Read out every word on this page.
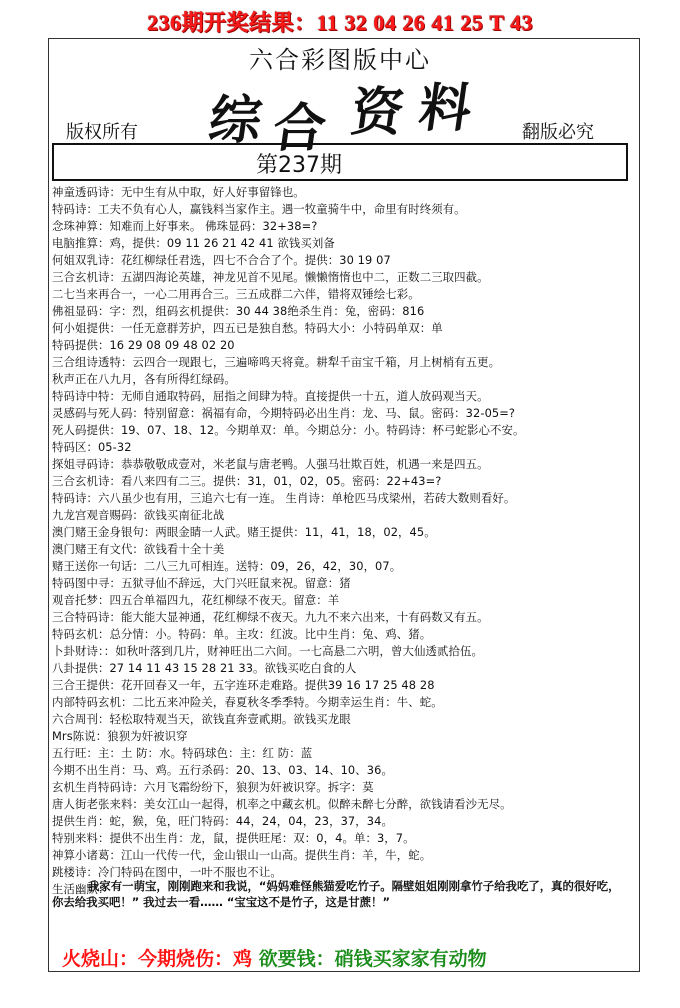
236期开奖结果：11 32 04 26 41 25 T 43
六合彩图版中心
综 合 资 料
版权所有	翻版必究
第237期
神童透码诗：无中生有从中取，好人好事留锋也。
特码诗：工夫不负有心人，赢钱料当家作主。遇一牧童骑牛中，命里有时终须有。
念珠神算：知难而上好事来。 佛珠显码：32+38=?
电脑推算：鸡，提供：09 11 26 21 42 41 欲钱买刘备
何姐双乳诗：花红柳绿任君选，四七不合合了个。提供：30 19 07
三合玄机诗：五湖四海论英雄，神龙见首不见尾。懒懒惰惰也中二，正数二三取四截。
二七当来再合一，一心二用再合三。三五成群二六伴，错将双锤绘七彩。
佛祖显码：字：烈，组码玄机提供：30 44 38绝杀生肖：兔，密码：816
何小姐提供：一任无意群芳护，四五已是独自愁。特码大小：小特码单双：单
特码提供：16 29 08 09 48 02 20
三合组诗透特：云四合一现跟七，三遍啼鸣天将竟。耕犁千亩宝千箱，月上树梢有五更。
秋声正在八九月，各有所得红绿码。
特码诗中特：无师自通取特码，屈指之间肆为特。直接提供一十五，道人放码观当天。
灵感码与死人码：特别留意：祸福有命，今期特码必出生肖：龙、马、鼠。密码：32-05=?
死人码提供：19、07、18、12。今期单双：单。今期总分：小。特码诗：杯弓蛇影心不安。
特码区：05-32
探姐寻码诗：恭恭敬敬成壹对，米老鼠与唐老鸭。人强马壮欺百姓，机遇一来是四五。
三合玄机诗：看八来四有二三。提供：31，01，02，05。密码：22+43=?
特码诗：六八虽少也有用，三追六七有一连。 生肖诗：单枪匹马戌梁州，若砖大数则看好。
九龙宫观音赐码：欲钱买南征北战
澳门赌王金身银句：两眼金睛一人武。赌王提供：11，41，18，02，45。
澳门赌王有文代：欲钱看十全十美
赌王送你一句话：二八三九可相连。送特：09，26，42，30，07。
特码图中寻：五狱寻仙不辞远，大门兴旺鼠来祝。留意：猪
观音托梦：四五合单福四九，花红柳绿不夜天。留意：羊
三合特码诗：能大能大显神通，花红柳绿不夜天。九九不来六出来，十有码数又有五。
特码玄机：总分情：小。特码：单。主攻：红波。比中生肖：兔、鸡、猪。
卜卦财诗：：如秋叶落到几片，财神旺出二六间。一七高悬二六明，曾大仙透贰拾伍。
八卦提供：27 14 11 43 15 28 21 33。欲钱买吃白食的人
三合王提供：花开回春又一年，五字连环走难路。提供39 16 17 25 48 28
内部特码玄机：二比五来冲险关，春夏秋冬季季特。今期幸运生肖：牛、蛇。
六合周刊：轻松取特观当天，欲钱直奔壹貳期。欲钱买龙眼
Mrs陈说：狼狈为奸被识穿
五行旺：主：土 防：水。特码球色：主：红 防：蓝
今期不出生肖：马、鸡。五行杀码：20、13、03、14、10、36。
玄机生肖特码诗：六月飞霜纷纷下，狼狈为奸被识穿。拆字：莫
唐人街老张来料：美女江山一起得，机率之中藏玄机。似醉未醉七分醉，欲钱请看沙无尽。
提供生肖：蛇，猴，兔，旺门特码：44，24，04，23，37，34。
特别来料：提供不出生肖：龙，鼠，提供旺尾：双：0，4。单：3，7。
神算小诸葛：江山一代传一代，金山银山一山高。提供生肖：羊，牛，蛇。
跳楼诗：冷门特码在图中，一叶不服也不让。
生活幽默：
我家有一萌宝，刚刚跑来和我说，“妈妈难怪熊猫爱吃竹子。隔壁姐姐刚刚拿竹子给我吃了，真的很好吃，你去给我买吧！” 我过去一看…… “宝宝这不是竹子，这是甘蔗！”
火烧山：今期烧伤：鸡 欲要钱：硝钱买家家有动物
